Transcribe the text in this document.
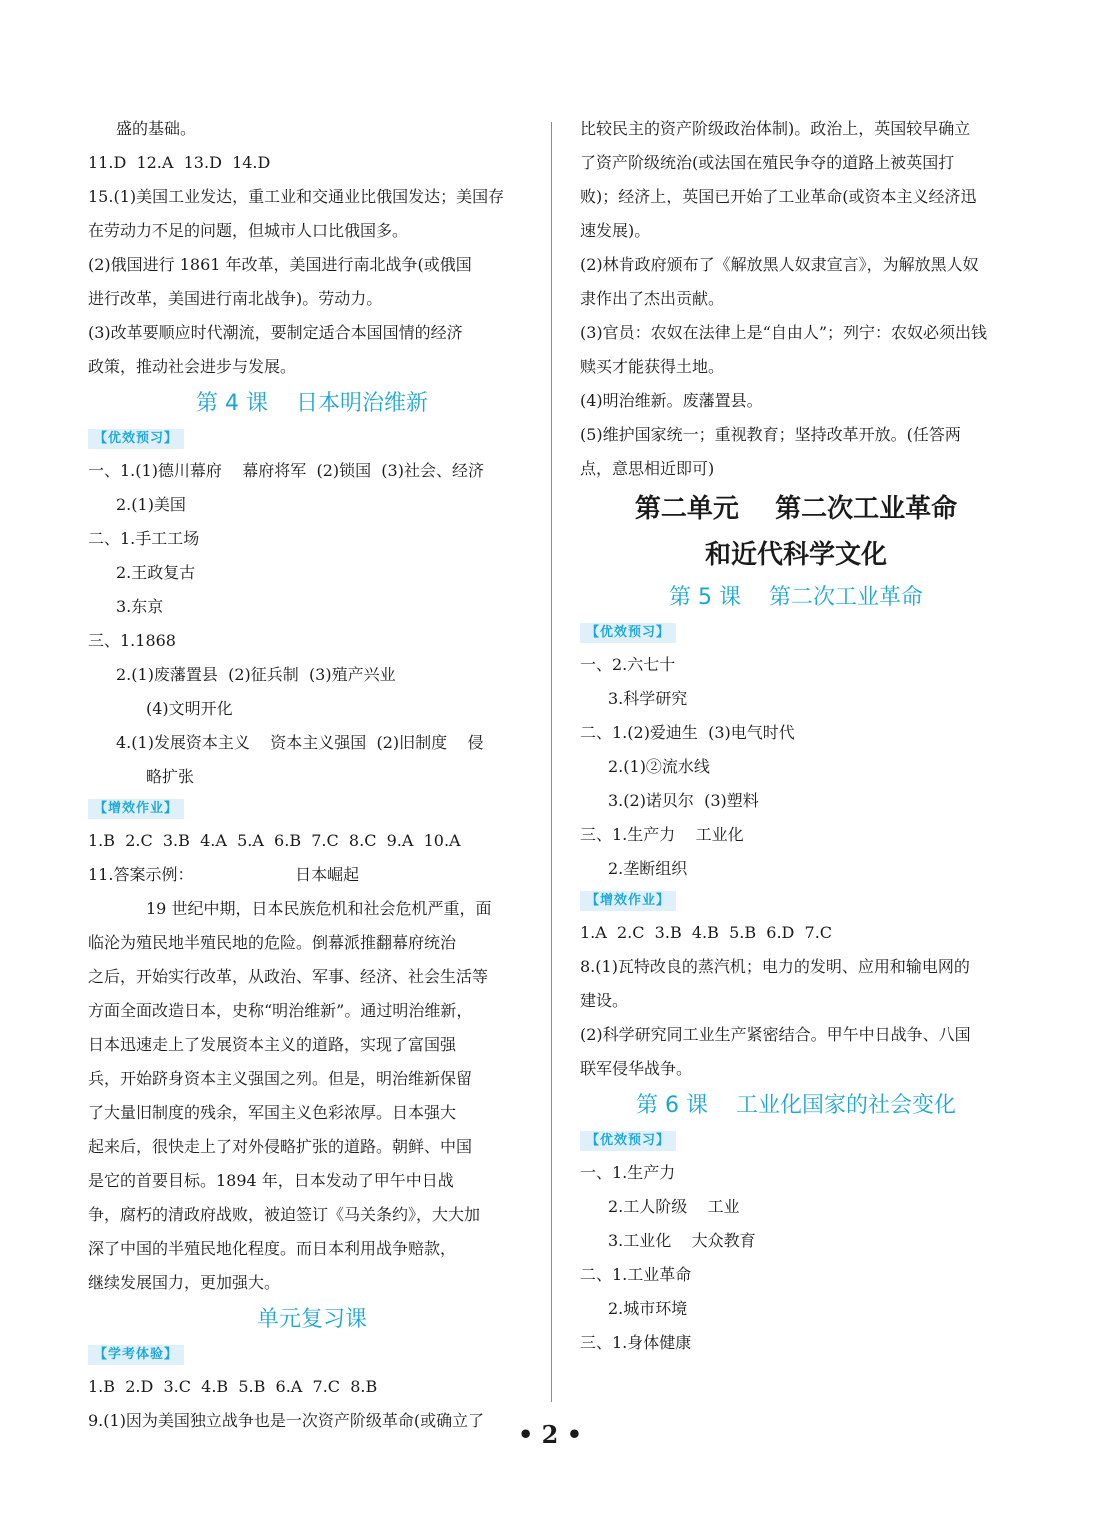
盛的基础。
11.D  12.A  13.D  14.D
15.(1)美国工业发达，重工业和交通业比俄国发达；美国存
在劳动力不足的问题，但城市人口比俄国多。
(2)俄国进行 1861 年改革，美国进行南北战争(或俄国
进行改革，美国进行南北战争)。劳动力。
(3)改革要顺应时代潮流，要制定适合本国国情的经济
政策，推动社会进步与发展。
第 4 课    日本明治维新
【 优效预习 】
一、1.(1)德川幕府    幕府将军  (2)锁国  (3)社会、经济
2.(1)美国
二、1.手工工场
2.王政复古
3.东京
三、1.1868
2.(1)废藩置县  (2)征兵制  (3)殖产兴业
(4)文明开化
4.(1)发展资本主义    资本主义强国  (2)旧制度    侵
略扩张
【 增效作业 】
1.B  2.C  3.B  4.A  5.A  6.B  7.C  8.C  9.A  10.A
11.答案示例：                    日本崛起
19 世纪中期，日本民族危机和社会危机严重，面
临沦为殖民地半殖民地的危险。倒幕派推翻幕府统治
之后，开始实行改革，从政治、军事、经济、社会生活等
方面全面改造日本，史称“明治维新”。通过明治维新，
日本迅速走上了发展资本主义的道路，实现了富国强
兵，开始跻身资本主义强国之列。但是，明治维新保留
了大量旧制度的残余，军国主义色彩浓厚。日本强大
起来后，很快走上了对外侵略扩张的道路。朝鲜、中国
是它的首要目标。1894 年，日本发动了甲午中日战
争，腐朽的清政府战败，被迫签订《马关条约》，大大加
深了中国的半殖民地化程度。而日本利用战争赔款，
继续发展国力，更加强大。
单元复习课
【 学考体验 】
1.B  2.D  3.C  4.B  5.B  6.A  7.C  8.B
9.(1)因为美国独立战争也是一次资产阶级革命(或确立了
比较民主的资产阶级政治体制)。政治上，英国较早确立
了资产阶级统治(或法国在殖民争夺的道路上被英国打
败)；经济上，英国已开始了工业革命(或资本主义经济迅
速发展)。
(2)林肯政府颁布了《解放黑人奴隶宣言》，为解放黑人奴
隶作出了杰出贡献。
(3)官员：农奴在法律上是“自由人”；列宁：农奴必须出钱
赎买才能获得土地。
(4)明治维新。废藩置县。
(5)维护国家统一；重视教育；坚持改革开放。(任答两
点，意思相近即可)
第二单元    第二次工业革命
和近代科学文化
第 5 课    第二次工业革命
【 优效预习 】
一、2.六七十
3.科学研究
二、1.(2)爱迪生  (3)电气时代
2.(1)②流水线
3.(2)诺贝尔  (3)塑料
三、1.生产力    工业化
2.垄断组织
【 增效作业 】
1.A  2.C  3.B  4.B  5.B  6.D  7.C
8.(1)瓦特改良的蒸汽机；电力的发明、应用和输电网的
建设。
(2)科学研究同工业生产紧密结合。甲午中日战争、八国
联军侵华战争。
第 6 课    工业化国家的社会变化
【 优效预习 】
一、1.生产力
2.工人阶级    工业
3.工业化    大众教育
二、1.工业革命
2.城市环境
三、1.身体健康
• 2 •
